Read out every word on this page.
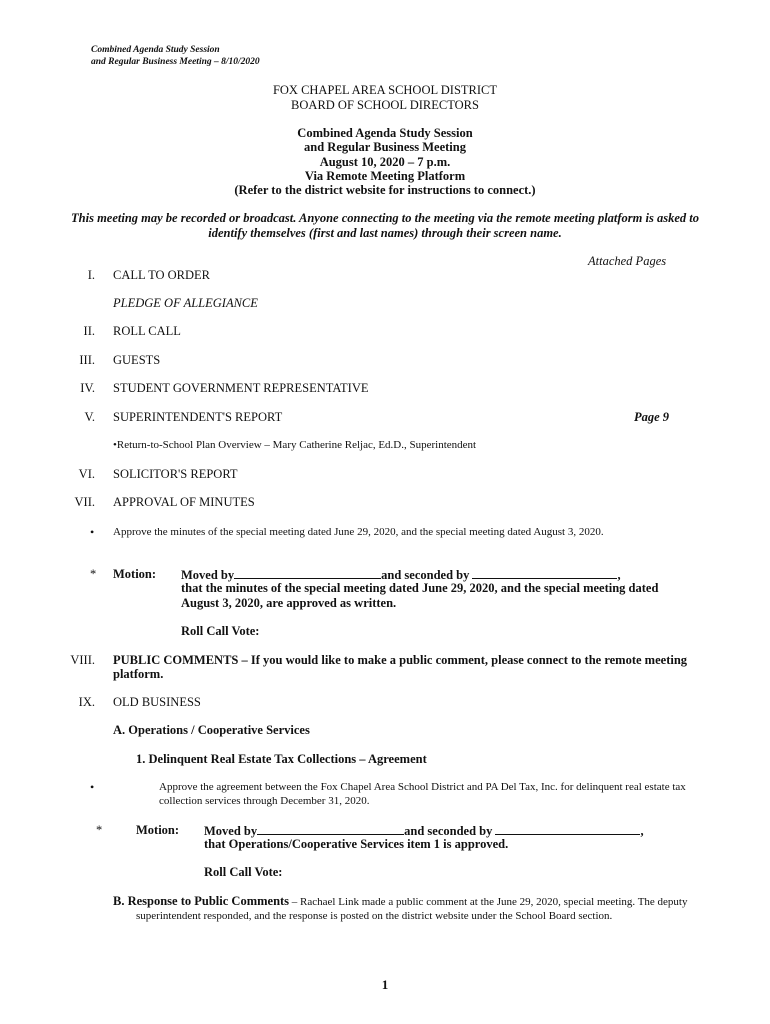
Combined Agenda Study Session
and Regular Business Meeting – 8/10/2020
FOX CHAPEL AREA SCHOOL DISTRICT
BOARD OF SCHOOL DIRECTORS
Combined Agenda Study Session
and Regular Business Meeting
August 10, 2020 – 7 p.m.
Via Remote Meeting Platform
(Refer to the district website for instructions to connect.)
This meeting may be recorded or broadcast. Anyone connecting to the meeting via the remote meeting platform is asked to identify themselves (first and last names) through their screen name.
Attached Pages
I. CALL TO ORDER
PLEDGE OF ALLEGIANCE
II. ROLL CALL
III. GUESTS
IV. STUDENT GOVERNMENT REPRESENTATIVE
V. SUPERINTENDENT'S REPORT	Page 9
•Return-to-School Plan Overview – Mary Catherine Reljac, Ed.D., Superintendent
VI. SOLICITOR'S REPORT
VII. APPROVAL OF MINUTES
• Approve the minutes of the special meeting dated June 29, 2020, and the special meeting dated August 3, 2020.
* Motion: Moved by	and seconded by	,
that the minutes of the special meeting dated June 29, 2020, and the special meeting dated
August 3, 2020, are approved as written.
Roll Call Vote:
VIII. PUBLIC COMMENTS – If you would like to make a public comment, please connect to the remote meeting platform.
IX. OLD BUSINESS
A. Operations / Cooperative Services
1. Delinquent Real Estate Tax Collections – Agreement
•	Approve the agreement between the Fox Chapel Area School District and PA Del Tax, Inc. for delinquent real estate tax collection services through December 31, 2020.
*	Motion: Moved by	and seconded by	,
that Operations/Cooperative Services item 1 is approved.
Roll Call Vote:
B. Response to Public Comments – Rachael Link made a public comment at the June 29, 2020, special meeting. The deputy superintendent responded, and the response is posted on the district website under the School Board section.
1
